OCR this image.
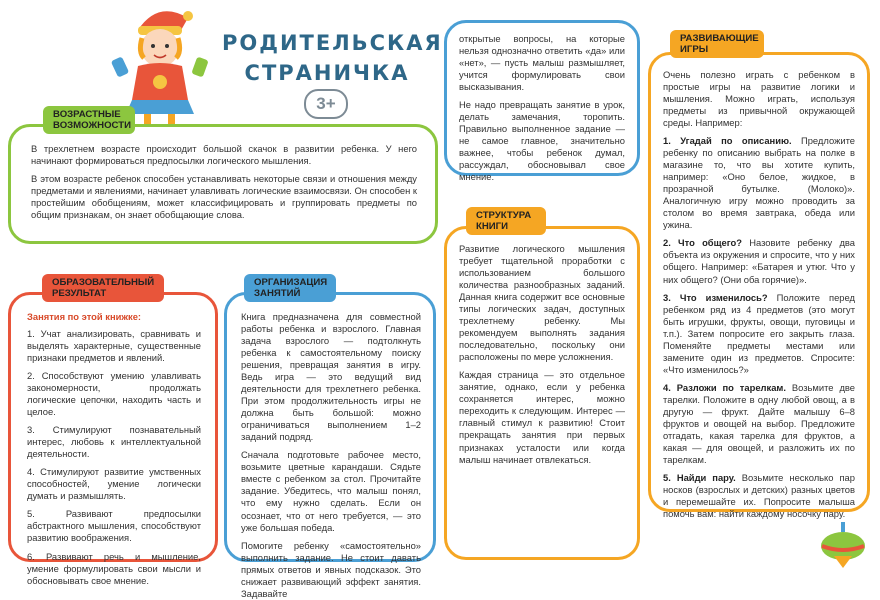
РОДИТЕЛЬСКАЯ
СТРАНИЧКА
3+
ВОЗРАСТНЫЕ
ВОЗМОЖНОСТИ

В трехлетнем возрасте происходит большой скачок в развитии ребенка. У него начинают формироваться предпосылки логического мышления.

В этом возрасте ребенок способен устанавливать некоторые связи и отношения между предметами и явлениями, начинает улавливать логические взаимосвязи. Он способен к простейшим обобщениям, может классифицировать и группировать предметы по общим признакам, он знает обобщающие слова.

ОБРАЗОВАТЕЛЬНЫЙ
РЕЗУЛЬТАТ
Занятия по этой книжке:

1. Учат анализировать, сравнивать и выделять характерные, существенные признаки предметов и явлений.

2. Способствуют умению улавливать закономерности, продолжать логические цепочки, находить часть и целое.

3. Стимулируют познавательный интерес, любовь к интеллектуальной деятельности.

4. Стимулируют развитие умственных способностей, умение логически думать и размышлять.

5. Развивают предпосылки абстрактного мышления, способствуют развитию воображения.

6. Развивают речь и мышление, умение формулировать свои мысли и обосновывать свое мнение.

ОРГАНИЗАЦИЯ
ЗАНЯТИЙ

Книга предназначена для совместной работы ребенка и взрослого. Главная задача взрослого — подтолкнуть ребенка к самостоятельному поиску решения, превращая занятия в игру. Ведь игра — это ведущий вид деятельности для трехлетнего ребенка. При этом продолжительность игры не должна быть большой: можно ограничиваться выполнением 1–2 заданий подряд.

Сначала подготовьте рабочее место, возьмите цветные карандаши. Сядьте вместе с ребенком за стол. Прочитайте задание. Убедитесь, что малыш понял, что ему нужно сделать. Если он осознает, что от него требуется, — это уже большая победа.

Помогите ребенку «самостоятельно» выполнить задание. Не стоит давать прямых ответов и явных подсказок. Это снижает развивающий эффект занятия. Задавайте

открытые вопросы, на которые нельзя однозначно ответить «да» или «нет», — пусть малыш размышляет, учится формулировать свои высказывания.

Не надо превращать занятие в урок, делать замечания, торопить. Правильно выполненное задание — не самое главное, значительно важнее, чтобы ребенок думал, рассуждал, обосновывал свое мнение.

СТРУКТУРА
КНИГИ

Развитие логического мышления требует тщательной проработки с использованием большого количества разнообразных заданий. Данная книга содержит все основные типы логических задач, доступных трехлетнему ребенку. Мы рекомендуем выполнять задания последовательно, поскольку они расположены по мере усложнения.

Каждая страница — это отдельное занятие, однако, если у ребенка сохраняется интерес, можно переходить к следующим. Интерес — главный стимул к развитию! Стоит прекращать занятия при первых признаках усталости или когда малыш начинает отвлекаться.

РАЗВИВАЮЩИЕ
ИГРЫ

Очень полезно играть с ребенком в простые игры на развитие логики и мышления. Можно играть, используя предметы из привычной окружающей среды. Например:

1. Угадай по описанию. Предложите ребенку по описанию выбрать на полке в магазине то, что вы хотите купить, например: «Оно белое, жидкое, в прозрачной бутылке. (Молоко)». Аналогичную игру можно проводить за столом во время завтрака, обеда или ужина.

2. Что общего? Назовите ребенку два объекта из окружения и спросите, что у них общего. Например: «Батарея и утюг. Что у них общего? (Они оба горячие)».

3. Что изменилось? Положите перед ребенком ряд из 4 предметов (это могут быть игрушки, фрукты, овощи, пуговицы и т.п.). Затем попросите его закрыть глаза. Поменяйте предметы местами или замените один из предметов. Спросите: «Что изменилось?»

4. Разложи по тарелкам. Возьмите две тарелки. Положите в одну любой овощ, а в другую — фрукт. Дайте малышу 6–8 фруктов и овощей на выбор. Предложите отгадать, какая тарелка для фруктов, а какая — для овощей, и разложить их по тарелкам.

5. Найди пару. Возьмите несколько пар носков (взрослых и детских) разных цветов и перемешайте их. Попросите малыша помочь вам: найти каждому носочку пару.
